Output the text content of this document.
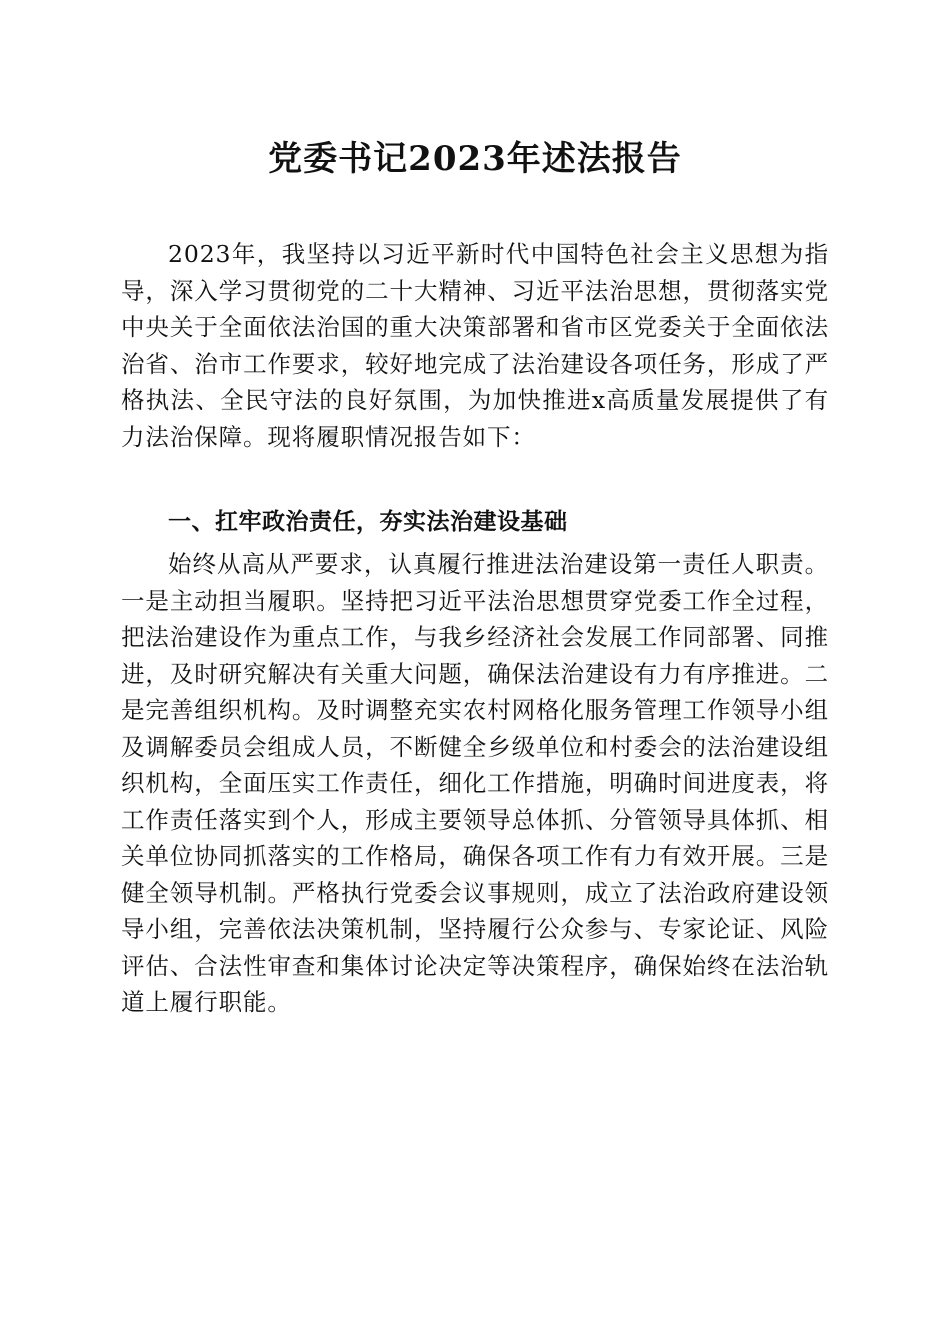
党委书记2023年述法报告

2023年，我坚持以习近平新时代中国特色社会主义思想为指导，深入学习贯彻党的二十大精神、习近平法治思想，贯彻落实党中央关于全面依法治国的重大决策部署和省市区党委关于全面依法治省、治市工作要求，较好地完成了法治建设各项任务，形成了严格执法、全民守法的良好氛围，为加快推进x高质量发展提供了有力法治保障。现将履职情况报告如下：

一、扛牢政治责任，夯实法治建设基础

始终从高从严要求，认真履行推进法治建设第一责任人职责。一是主动担当履职。坚持把习近平法治思想贯穿党委工作全过程，把法治建设作为重点工作，与我乡经济社会发展工作同部署、同推进，及时研究解决有关重大问题，确保法治建设有力有序推进。二是完善组织机构。及时调整充实农村网格化服务管理工作领导小组及调解委员会组成人员，不断健全乡级单位和村委会的法治建设组织机构，全面压实工作责任，细化工作措施，明确时间进度表，将工作责任落实到个人，形成主要领导总体抓、分管领导具体抓、相关单位协同抓落实的工作格局，确保各项工作有力有效开展。三是健全领导机制。严格执行党委会议事规则，成立了法治政府建设领导小组，完善依法决策机制，坚持履行公众参与、专家论证、风险评估、合法性审查和集体讨论决定等决策程序，确保始终在法治轨道上履行职能。
